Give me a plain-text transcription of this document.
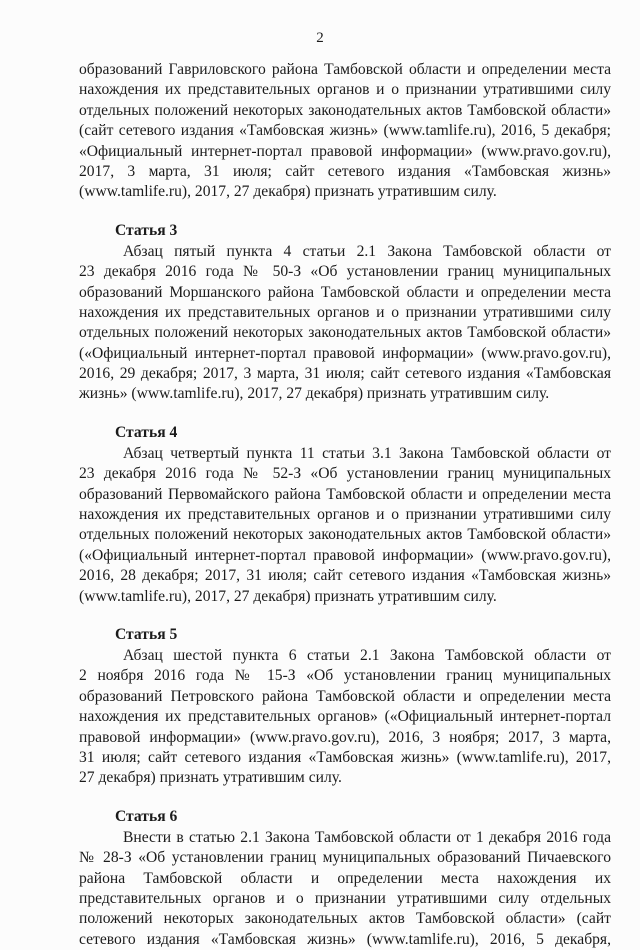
2
образований Гавриловского района Тамбовской области и определении места
нахождения их представительных органов и о признании утратившими силу
отдельных положений некоторых законодательных актов Тамбовской области»
(сайт сетевого издания «Тамбовская жизнь» (www.tamlife.ru), 2016, 5 декабря;
«Официальный интернет-портал правовой информации» (www.pravo.gov.ru),
2017, 3 марта, 31 июля; сайт сетевого издания «Тамбовская жизнь»
(www.tamlife.ru), 2017, 27 декабря) признать утратившим силу.
Статья 3
Абзац пятый пункта 4 статьи 2.1 Закона Тамбовской области от
23 декабря 2016 года № 50-З «Об установлении границ муниципальных
образований Моршанского района Тамбовской области и определении места
нахождения их представительных органов и о признании утратившими силу
отдельных положений некоторых законодательных актов Тамбовской области»
(«Официальный интернет-портал правовой информации» (www.pravo.gov.ru),
2016, 29 декабря; 2017, 3 марта, 31 июля; сайт сетевого издания «Тамбовская
жизнь» (www.tamlife.ru), 2017, 27 декабря) признать утратившим силу.
Статья 4
Абзац четвертый пункта 11 статьи 3.1 Закона Тамбовской области от
23 декабря 2016 года № 52-З «Об установлении границ муниципальных
образований Первомайского района Тамбовской области и определении места
нахождения их представительных органов и о признании утратившими силу
отдельных положений некоторых законодательных актов Тамбовской области»
(«Официальный интернет-портал правовой информации» (www.pravo.gov.ru),
2016, 28 декабря; 2017, 31 июля; сайт сетевого издания «Тамбовская жизнь»
(www.tamlife.ru), 2017, 27 декабря) признать утратившим силу.
Статья 5
Абзац шестой пункта 6 статьи 2.1 Закона Тамбовской области от
2 ноября 2016 года № 15-З «Об установлении границ муниципальных
образований Петровского района Тамбовской области и определении места
нахождения их представительных органов» («Официальный интернет-портал
правовой информации» (www.pravo.gov.ru), 2016, 3 ноября; 2017, 3 марта,
31 июля; сайт сетевого издания «Тамбовская жизнь» (www.tamlife.ru), 2017,
27 декабря) признать утратившим силу.
Статья 6
Внести в статью 2.1 Закона Тамбовской области от 1 декабря 2016 года
№ 28-З «Об установлении границ муниципальных образований Пичаевского
района Тамбовской области и определении места нахождения их
представительных органов и о признании утратившими силу отдельных
положений некоторых законодательных актов Тамбовской области» (сайт
сетевого издания «Тамбовская жизнь» (www.tamlife.ru), 2016, 5 декабря,
